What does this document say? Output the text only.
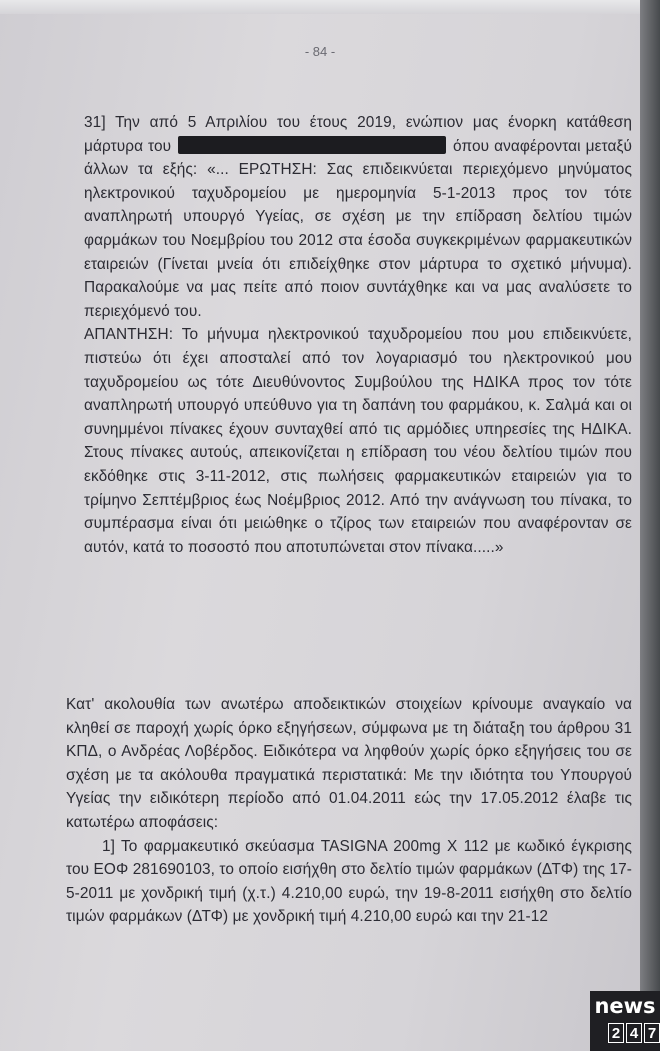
- 84 -

31] Την από 5 Απριλίου του έτους 2019, ενώπιον μας ένορκη κατάθεση μάρτυρα του	όπου αναφέρονται μεταξύ άλλων τα εξής: «... ΕΡΩΤΗΣΗ: Σας επιδεικνύεται περιεχόμενο μηνύματος ηλεκτρονικού ταχυδρομείου με ημερομηνία 5-1-2013 προς τον τότε αναπληρωτή υπουργό Υγείας, σε σχέση με την επίδραση δελτίου τιμών φαρμάκων του Νοεμβρίου του 2012 στα έσοδα συγκεκριμένων φαρμακευτικών εταιρειών (Γίνεται μνεία ότι επιδείχθηκε στον μάρτυρα το σχετικό μήνυμα). Παρακαλούμε να μας πείτε από ποιον συντάχθηκε και να μας αναλύσετε το περιεχόμενό του.

ΑΠΑΝΤΗΣΗ: Το μήνυμα ηλεκτρονικού ταχυδρομείου που μου επιδεικνύετε, πιστεύω ότι έχει αποσταλεί από τον λογαριασμό του ηλεκτρονικού μου ταχυδρομείου ως τότε Διευθύνοντος Συμβούλου της ΗΔΙΚΑ προς τον τότε αναπληρωτή υπουργό υπεύθυνο για τη δαπάνη του φαρμάκου, κ. Σαλμά και οι συνημμένοι πίνακες έχουν συνταχθεί από τις αρμόδιες υπηρεσίες της ΗΔΙΚΑ. Στους πίνακες αυτούς, απεικονίζεται η επίδραση του νέου δελτίου τιμών που εκδόθηκε στις 3-11-2012, στις πωλήσεις φαρμακευτικών εταιρειών για το τρίμηνο Σεπτέμβριος έως Νοέμβριος 2012. Από την ανάγνωση του πίνακα, το συμπέρασμα είναι ότι μειώθηκε ο τζίρος των εταιρειών που αναφέρονταν σε αυτόν, κατά το ποσοστό που αποτυπώνεται στον πίνακα.....»

Κατ' ακολουθία των ανωτέρω αποδεικτικών στοιχείων κρίνουμε αναγκαίο να κληθεί σε παροχή χωρίς όρκο εξηγήσεων, σύμφωνα με τη διάταξη του άρθρου 31 ΚΠΔ, ο Ανδρέας Λοβέρδος. Ειδικότερα να ληφθούν χωρίς όρκο εξηγήσεις του σε σχέση με τα ακόλουθα πραγματικά περιστατικά: Με την ιδιότητα του Υπουργού Υγείας την ειδικότερη περίοδο από 01.04.2011 εώς την 17.05.2012 έλαβε τις κατωτέρω αποφάσεις:

1] Το φαρμακευτικό σκεύασμα TASIGNA 200mg X 112 με κωδικό έγκρισης του ΕΟΦ 281690103, το οποίο εισήχθη στο δελτίο τιμών φαρμάκων (ΔΤΦ) της 17-5-2011 με χονδρική τιμή (χ.τ.) 4.210,00 ευρώ, την 19-8-2011 εισήχθη στο δελτίο τιμών φαρμάκων (ΔΤΦ) με χονδρική τιμή 4.210,00 ευρώ και την 21-12

news
2 4 7
